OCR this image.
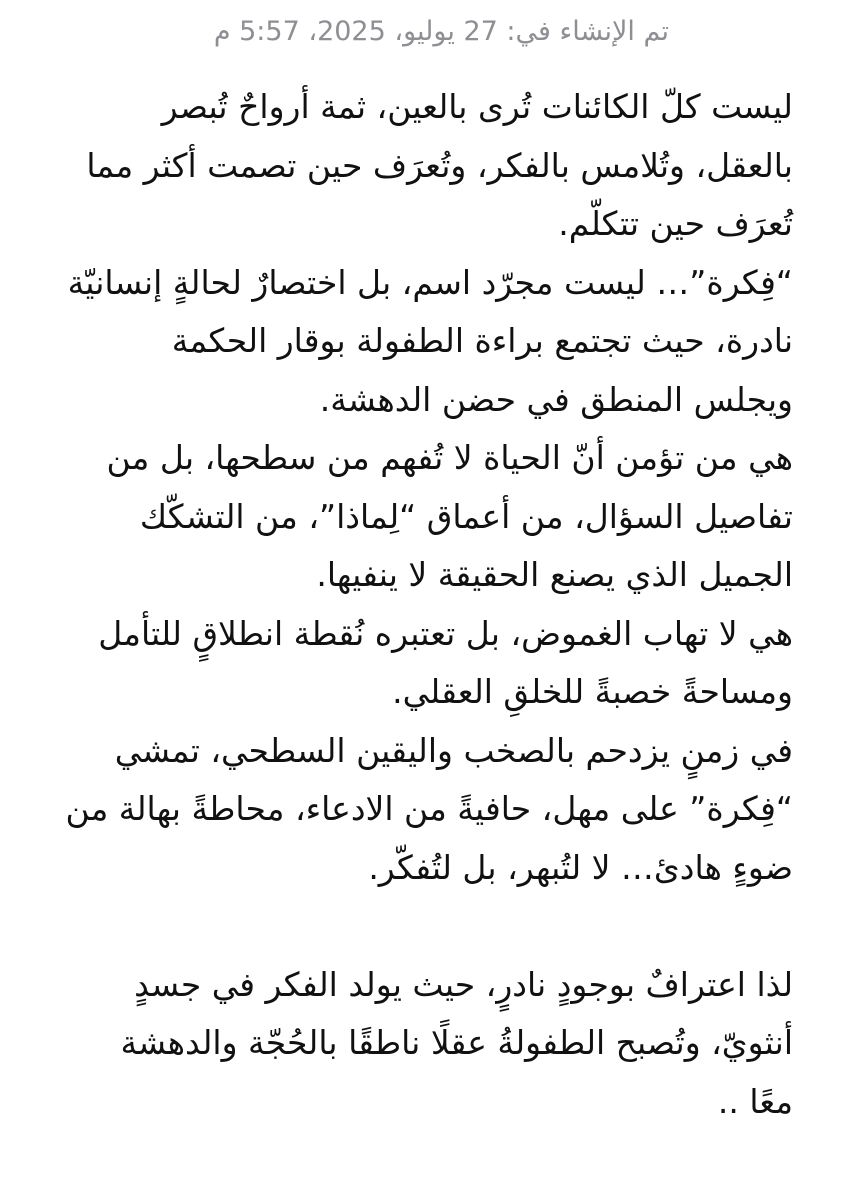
تم الإنشاء في: 27 يوليو، 2025، 5:57 م

ليست كلّ الكائنات تُرى بالعين، ثمة أرواحٌ تُبصر
بالعقل، وتُلامس بالفكر، وتُعرَف حين تصمت أكثر مما
تُعرَف حين تتكلّم.

“فِكرة”… ليست مجرّد اسم، بل اختصارٌ لحالةٍ إنسانيّة
نادرة، حيث تجتمع براءة الطفولة بوقار الحكمة
ويجلس المنطق في حضن الدهشة.

هي من تؤمن أنّ الحياة لا تُفهم من سطحها، بل من
تفاصيل السؤال، من أعماق “لِماذا”، من التشكّك
الجميل الذي يصنع الحقيقة لا ينفيها.

هي لا تهاب الغموض، بل تعتبره نُقطة انطلاقٍ للتأمل
ومساحةً خصبةً للخلقِ العقلي.

في زمنٍ يزدحم بالصخب واليقين السطحي، تمشي
“فِكرة” على مهل، حافيةً من الادعاء، محاطةً بهالة من
ضوءٍ هادئ… لا لتُبهر، بل لتُفكّر.

لذا اعترافٌ بوجودٍ نادرٍ، حيث يولد الفكر في جسدٍ
أنثويّ، وتُصبح الطفولةُ عقلًا ناطقًا بالحُجّة والدهشة
معًا ..
